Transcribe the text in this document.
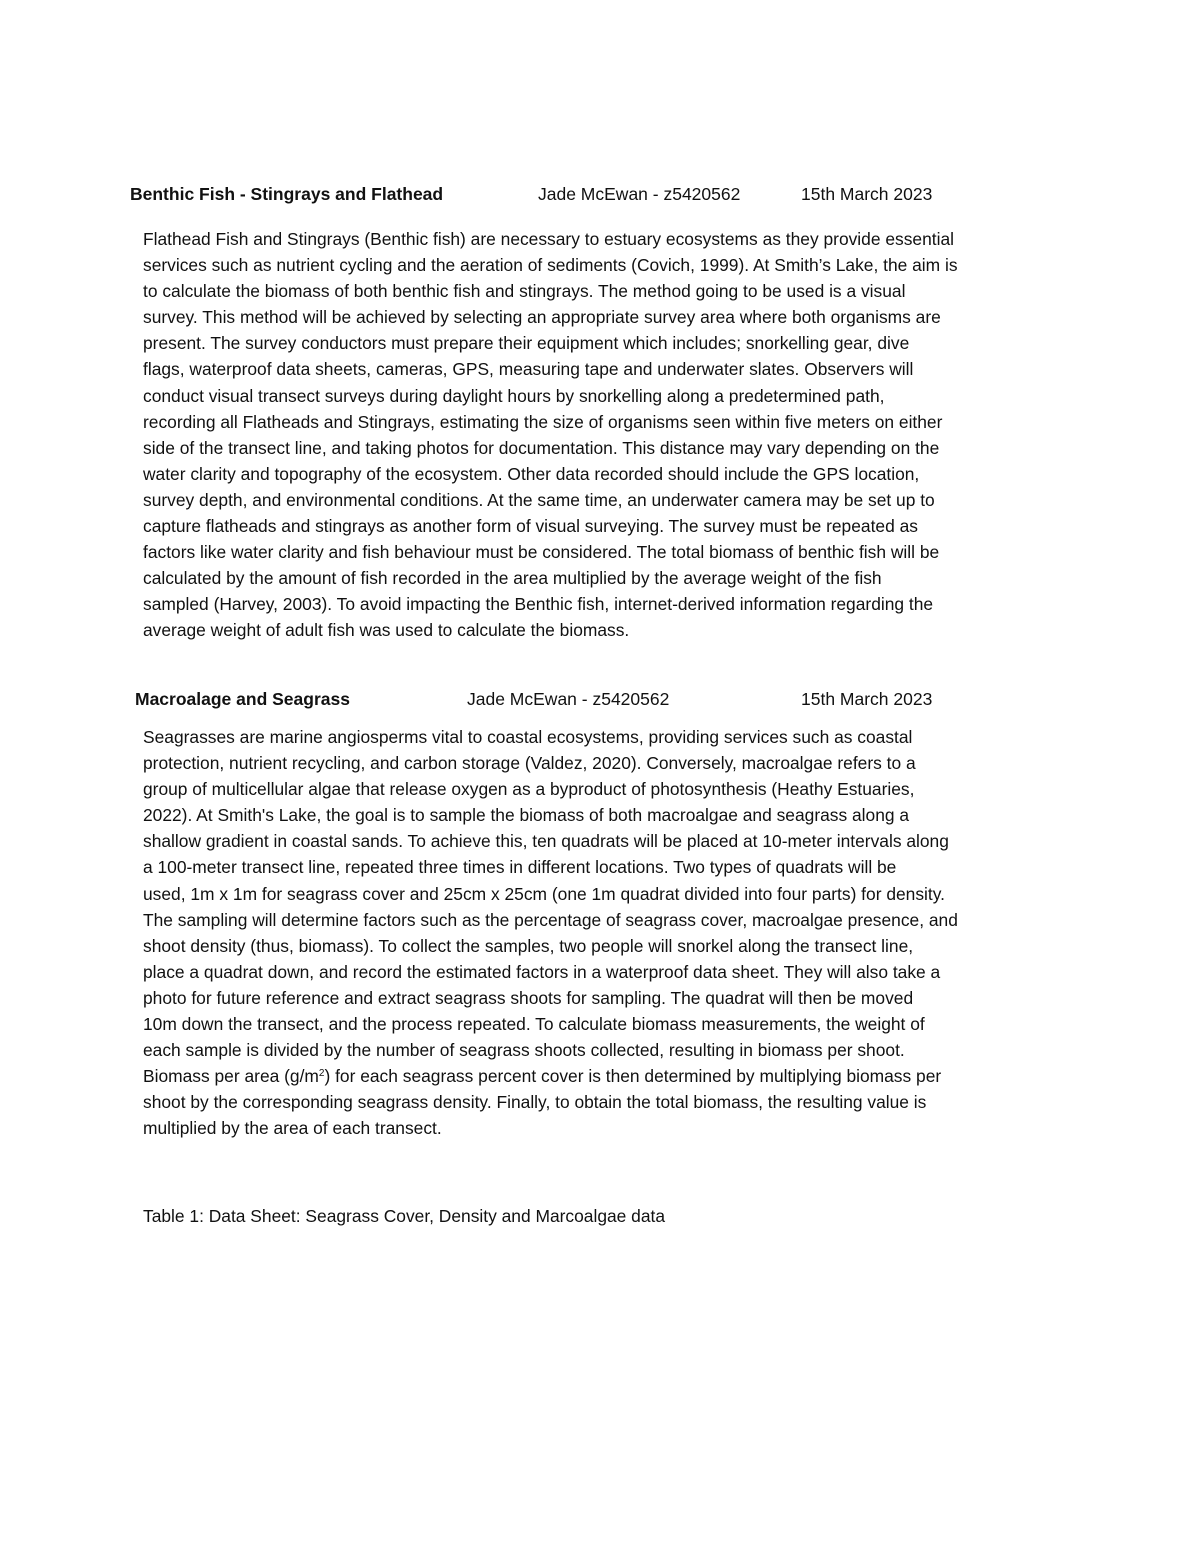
Benthic Fish - Stingrays and Flathead	Jade McEwan - z5420562	15th March 2023
Flathead Fish and Stingrays (Benthic fish) are necessary to estuary ecosystems as they provide essential
services such as nutrient cycling and the aeration of sediments (Covich, 1999). At Smith’s Lake, the aim is
to calculate the biomass of both benthic fish and stingrays. The method going to be used is a visual
survey. This method will be achieved by selecting an appropriate survey area where both organisms are
present. The survey conductors must prepare their equipment which includes; snorkelling gear, dive
flags, waterproof data sheets, cameras, GPS, measuring tape and underwater slates. Observers will
conduct visual transect surveys during daylight hours by snorkelling along a predetermined path,
recording all Flatheads and Stingrays, estimating the size of organisms seen within five meters on either
side of the transect line, and taking photos for documentation. This distance may vary depending on the
water clarity and topography of the ecosystem. Other data recorded should include the GPS location,
survey depth, and environmental conditions. At the same time, an underwater camera may be set up to
capture flatheads and stingrays as another form of visual surveying. The survey must be repeated as
factors like water clarity and fish behaviour must be considered. The total biomass of benthic fish will be
calculated by the amount of fish recorded in the area multiplied by the average weight of the fish
sampled (Harvey, 2003). To avoid impacting the Benthic fish, internet-derived information regarding the
average weight of adult fish was used to calculate the biomass.
Macroalage and Seagrass	Jade McEwan - z5420562	15th March 2023
Seagrasses are marine angiosperms vital to coastal ecosystems, providing services such as coastal
protection, nutrient recycling, and carbon storage (Valdez, 2020). Conversely, macroalgae refers to a
group of multicellular algae that release oxygen as a byproduct of photosynthesis (Heathy Estuaries,
2022). At Smith's Lake, the goal is to sample the biomass of both macroalgae and seagrass along a
shallow gradient in coastal sands. To achieve this, ten quadrats will be placed at 10-meter intervals along
a 100-meter transect line, repeated three times in different locations. Two types of quadrats will be
used, 1m x 1m for seagrass cover and 25cm x 25cm (one 1m quadrat divided into four parts) for density.
The sampling will determine factors such as the percentage of seagrass cover, macroalgae presence, and
shoot density (thus, biomass). To collect the samples, two people will snorkel along the transect line,
place a quadrat down, and record the estimated factors in a waterproof data sheet. They will also take a
photo for future reference and extract seagrass shoots for sampling. The quadrat will then be moved
10m down the transect, and the process repeated. To calculate biomass measurements, the weight of
each sample is divided by the number of seagrass shoots collected, resulting in biomass per shoot.
Biomass per area $(g/m^2)$ for each seagrass percent cover is then determined by multiplying biomass per
shoot by the corresponding seagrass density. Finally, to obtain the total biomass, the resulting value is
multiplied by the area of each transect.
Table 1: Data Sheet: Seagrass Cover, Density and Marcoalgae data
